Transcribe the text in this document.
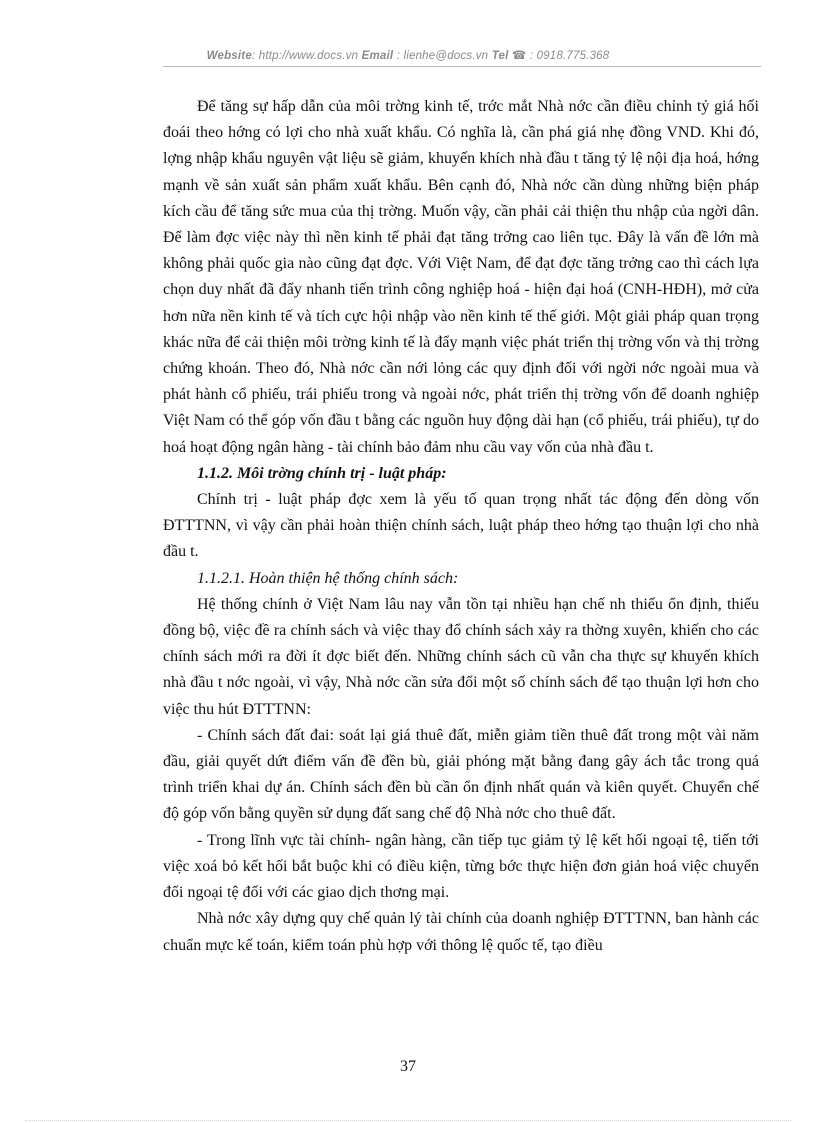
Website: http://www.docs.vn Email : lienhe@docs.vn Tel ☎ : 0918.775.368

Để tăng sự hấp dẫn của môi trờng kinh tế, trớc mắt Nhà nớc cần điều chỉnh tỷ giá hối đoái theo hớng có lợi cho nhà xuất khẩu. Có nghĩa là, cần phá giá nhẹ đồng VND. Khi đó, lợng nhập khẩu nguyên vật liệu sẽ giảm, khuyến khích nhà đầu t tăng tỷ lệ nội địa hoá, hớng mạnh về sản xuất sản phẩm xuất khẩu. Bên cạnh đó, Nhà nớc cần dùng những biện pháp kích cầu để tăng sức mua của thị trờng. Muốn vậy, cần phải cải thiện thu nhập của ngời dân. Để làm đợc việc này thì nền kinh tế phải đạt tăng trởng cao liên tục. Đây là vấn đề lớn mà không phải quốc gia nào cũng đạt đợc. Với Việt Nam, để đạt đợc tăng trởng cao thì cách lựa chọn duy nhất đã đẩy nhanh tiến trình công nghiệp hoá - hiện đại hoá (CNH-HĐH), mở cửa hơn nữa nền kinh tế và tích cực hội nhập vào nền kinh tế thế giới. Một giải pháp quan trọng khác nữa để cải thiện môi trờng kinh tế là đẩy mạnh việc phát triển thị trờng vốn và thị trờng chứng khoán. Theo đó, Nhà nớc cần nới lỏng các quy định đối với ngời nớc ngoài mua và phát hành cổ phiếu, trái phiếu trong và ngoài nớc, phát triển thị trờng vốn để doanh nghiệp Việt Nam có thể góp vốn đầu t bằng các nguồn huy động dài hạn (cổ phiếu, trái phiếu), tự do hoá hoạt động ngân hàng - tài chính bảo đảm nhu cầu vay vốn của nhà đầu t.

1.1.2. Môi trờng chính trị - luật pháp:

Chính trị - luật pháp đợc xem là yếu tố quan trọng nhất tác động đến dòng vốn ĐTTTNN, vì vậy cần phải hoàn thiện chính sách, luật pháp theo hớng tạo thuận lợi cho nhà đầu t.

1.1.2.1. Hoàn thiện hệ thống chính sách:

Hệ thống chính ở Việt Nam lâu nay vẫn tồn tại nhiều hạn chế nh thiếu ổn định, thiếu đồng bộ, việc đề ra chính sách và việc thay đổ chính sách xảy ra thờng xuyên, khiến cho các chính sách mới ra đời ít đợc biết đến. Những chính sách cũ vẫn cha thực sự khuyến khích nhà đầu t nớc ngoài, vì vậy, Nhà nớc cần sửa đổi một số chính sách để tạo thuận lợi hơn cho việc thu hút ĐTTTNN:

- Chính sách đất đai: soát lại giá thuê đất, miễn giảm tiền thuê đất trong một vài năm đầu, giải quyết dứt điểm vấn đề đền bù, giải phóng mặt bằng đang gây ách tắc trong quá trình triển khai dự án. Chính sách đền bù cần ổn định nhất quán và kiên quyết. Chuyển chế độ góp vốn bằng quyền sử dụng đất sang chế độ Nhà nớc cho thuê đất.

- Trong lĩnh vực tài chính- ngân hàng, cần tiếp tục giảm tỷ lệ kết hối ngoại tệ, tiến tới việc xoá bỏ kết hối bắt buộc khi có điều kiện, từng bớc thực hiện đơn giản hoá việc chuyển đổi ngoại tệ đối với các giao dịch thơng mại.

Nhà nớc xây dựng quy chế quản lý tài chính của doanh nghiệp ĐTTTNN, ban hành các chuẩn mực kế toán, kiểm toán phù hợp với thông lệ quốc tế, tạo điều

37
